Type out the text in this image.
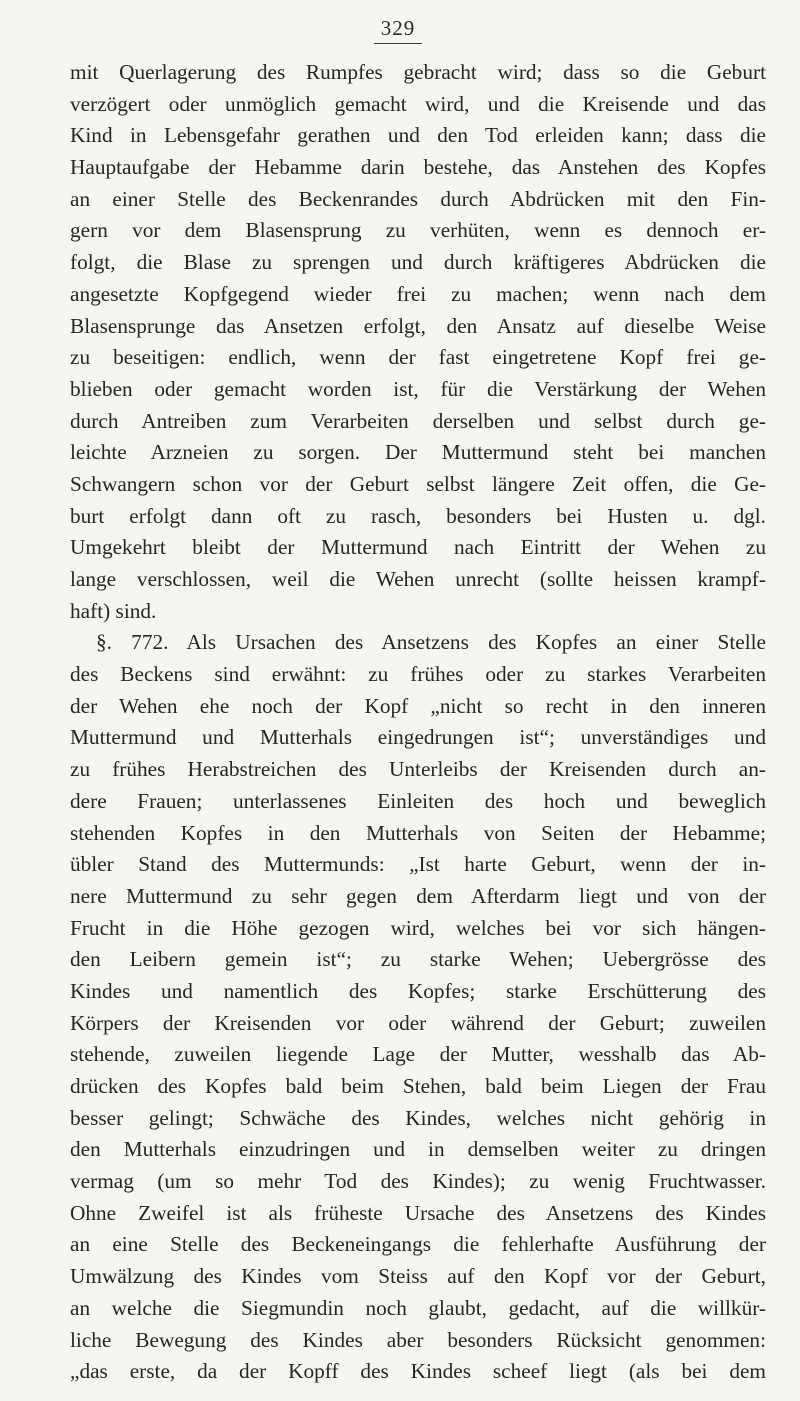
329
mit Querlagerung des Rumpfes gebracht wird; dass so die Geburt
verzögert oder unmöglich gemacht wird, und die Kreisende und das
Kind in Lebensgefahr gerathen und den Tod erleiden kann; dass die
Hauptaufgabe der Hebamme darin bestehe, das Anstehen des Kopfes
an einer Stelle des Beckenrandes durch Abdrücken mit den Fin-
gern vor dem Blasensprung zu verhüten, wenn es dennoch er-
folgt, die Blase zu sprengen und durch kräftigeres Abdrücken die
angesetzte Kopfgegend wieder frei zu machen; wenn nach dem
Blasensprunge das Ansetzen erfolgt, den Ansatz auf dieselbe Weise
zu beseitigen: endlich, wenn der fast eingetretene Kopf frei ge-
blieben oder gemacht worden ist, für die Verstärkung der Wehen
durch Antreiben zum Verarbeiten derselben und selbst durch ge-
leichte Arzneien zu sorgen. Der Muttermund steht bei manchen
Schwangern schon vor der Geburt selbst längere Zeit offen, die Ge-
burt erfolgt dann oft zu rasch, besonders bei Husten u. dgl.
Umgekehrt bleibt der Muttermund nach Eintritt der Wehen zu
lange verschlossen, weil die Wehen unrecht (sollte heissen krampf-
haft) sind.
§. 772. Als Ursachen des Ansetzens des Kopfes an einer Stelle
des Beckens sind erwähnt: zu frühes oder zu starkes Verarbeiten
der Wehen ehe noch der Kopf „nicht so recht in den inneren
Muttermund und Mutterhals eingedrungen ist“; unverständiges und
zu frühes Herabstreichen des Unterleibs der Kreisenden durch an-
dere Frauen; unterlassenes Einleiten des hoch und beweglich
stehenden Kopfes in den Mutterhals von Seiten der Hebamme;
übler Stand des Muttermunds: „Ist harte Geburt, wenn der in-
nere Muttermund zu sehr gegen dem Afterdarm liegt und von der
Frucht in die Höhe gezogen wird, welches bei vor sich hängen-
den Leibern gemein ist“; zu starke Wehen; Uebergrösse des
Kindes und namentlich des Kopfes; starke Erschütterung des
Körpers der Kreisenden vor oder während der Geburt; zuweilen
stehende, zuweilen liegende Lage der Mutter, wesshalb das Ab-
drücken des Kopfes bald beim Stehen, bald beim Liegen der Frau
besser gelingt; Schwäche des Kindes, welches nicht gehörig in
den Mutterhals einzudringen und in demselben weiter zu dringen
vermag (um so mehr Tod des Kindes); zu wenig Fruchtwasser.
Ohne Zweifel ist als früheste Ursache des Ansetzens des Kindes
an eine Stelle des Beckeneingangs die fehlerhafte Ausführung der
Umwälzung des Kindes vom Steiss auf den Kopf vor der Geburt,
an welche die Siegmundin noch glaubt, gedacht, auf die willkür-
liche Bewegung des Kindes aber besonders Rücksicht genommen:
„das erste, da der Kopff des Kindes scheef liegt (als bei dem
